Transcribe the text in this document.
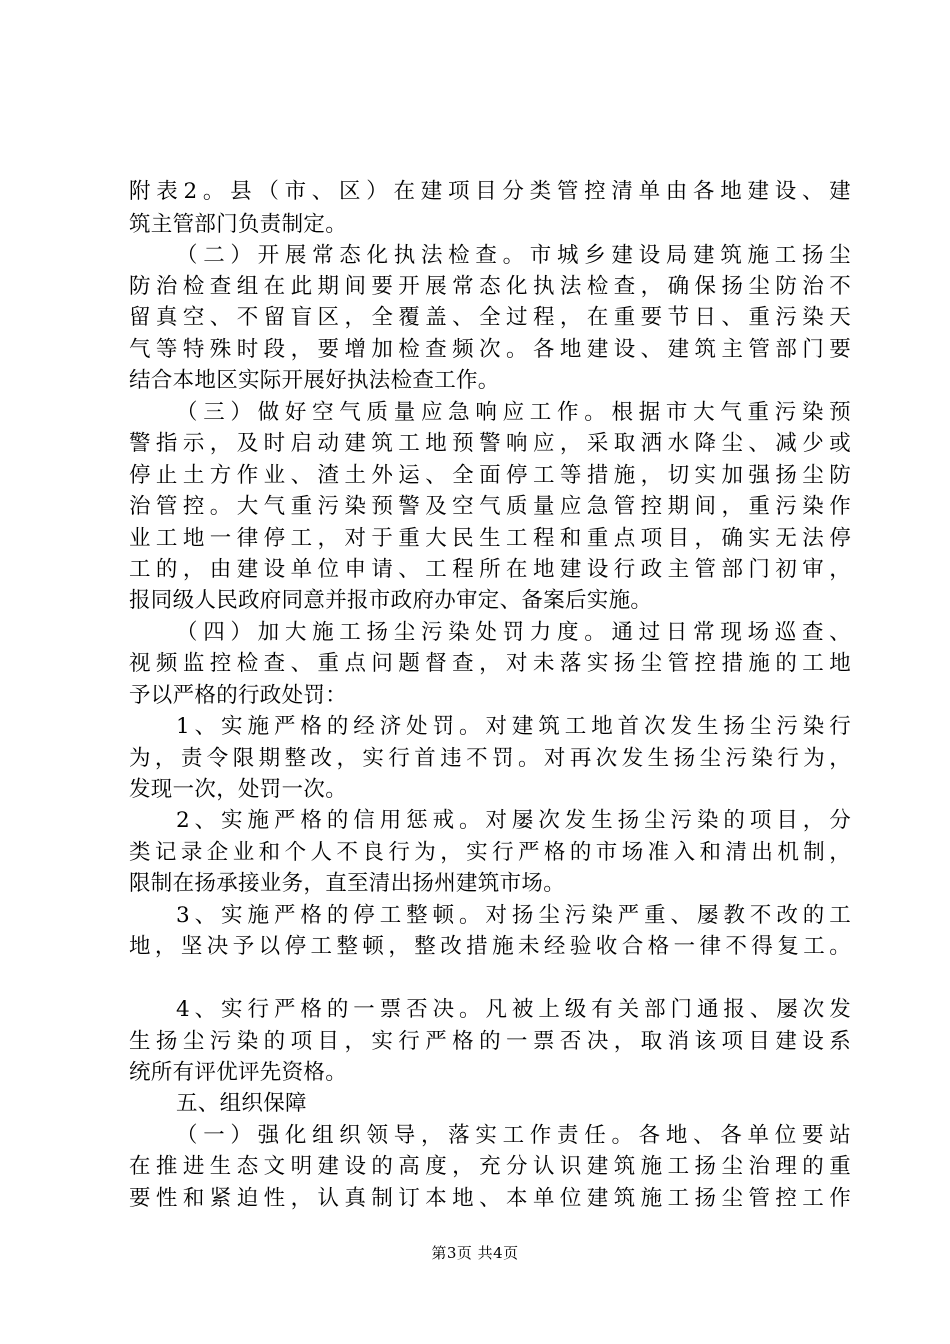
附表2。县（市、区）在建项目分类管控清单由各地建设、建
筑主管部门负责制定。
（二）开展常态化执法检查。市城乡建设局建筑施工扬尘
防治检查组在此期间要开展常态化执法检查，确保扬尘防治不
留真空、不留盲区，全覆盖、全过程，在重要节日、重污染天
气等特殊时段，要增加检查频次。各地建设、建筑主管部门要
结合本地区实际开展好执法检查工作。
（三）做好空气质量应急响应工作。根据市大气重污染预
警指示，及时启动建筑工地预警响应，采取洒水降尘、减少或
停止土方作业、渣土外运、全面停工等措施，切实加强扬尘防
治管控。大气重污染预警及空气质量应急管控期间，重污染作
业工地一律停工，对于重大民生工程和重点项目，确实无法停
工的，由建设单位申请、工程所在地建设行政主管部门初审，
报同级人民政府同意并报市政府办审定、备案后实施。
（四）加大施工扬尘污染处罚力度。通过日常现场巡查、
视频监控检查、重点问题督查，对未落实扬尘管控措施的工地
予以严格的行政处罚：
1、实施严格的经济处罚。对建筑工地首次发生扬尘污染行
为，责令限期整改，实行首违不罚。对再次发生扬尘污染行为，
发现一次，处罚一次。
2、实施严格的信用惩戒。对屡次发生扬尘污染的项目，分
类记录企业和个人不良行为，实行严格的市场准入和清出机制，
限制在扬承接业务，直至清出扬州建筑市场。
3、实施严格的停工整顿。对扬尘污染严重、屡教不改的工
地，坚决予以停工整顿，整改措施未经验收合格一律不得复工。
4、实行严格的一票否决。凡被上级有关部门通报、屡次发
生扬尘污染的项目，实行严格的一票否决，取消该项目建设系
统所有评优评先资格。
五、组织保障
（一）强化组织领导，落实工作责任。各地、各单位要站
在推进生态文明建设的高度，充分认识建筑施工扬尘治理的重
要性和紧迫性，认真制订本地、本单位建筑施工扬尘管控工作
第3页 共4页
